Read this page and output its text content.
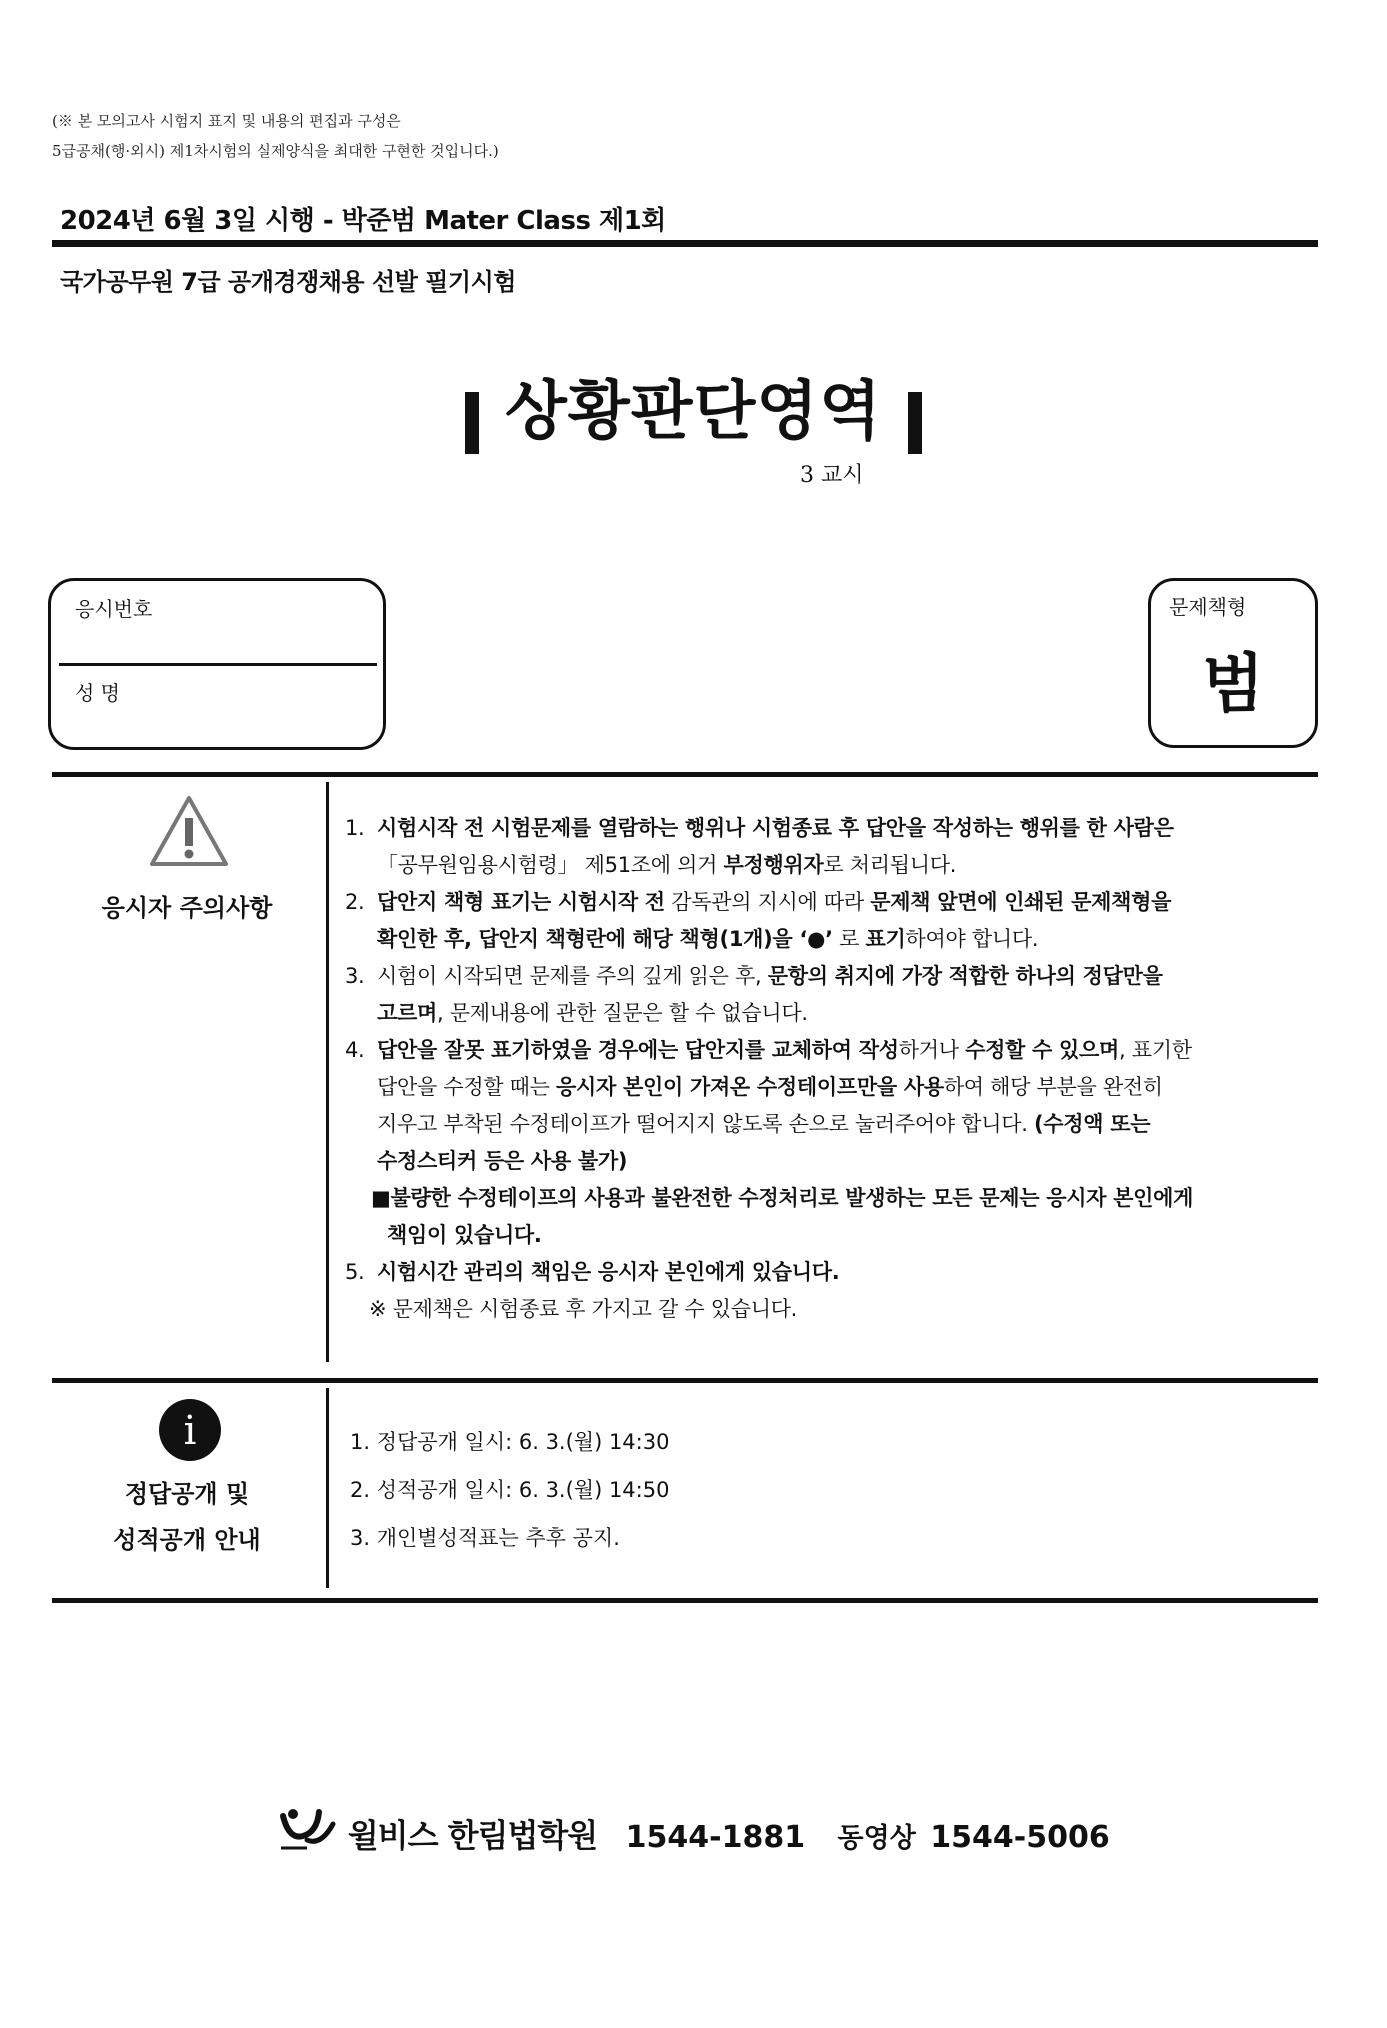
(※ 본 모의고사 시험지 표지 및 내용의 편집과 구성은
5급공채(행·외시) 제1차시험의 실제양식을 최대한 구현한 것입니다.)
2024년 6월 3일 시행 - 박준범 Mater Class 제1회
국가공무원 7급 공개경쟁채용 선발 필기시험
상황판단영역
3 교시
응시번호
성 명
문제책형
범
응시자 주의사항
1. 시험시작 전 시험문제를 열람하는 행위나 시험종료 후 답안을 작성하는 행위를 한 사람은
「공무원임용시험령」 제51조에 의거 부정행위자로 처리됩니다.
2. 답안지 책형 표기는 시험시작 전 감독관의 지시에 따라 문제책 앞면에 인쇄된 문제책형을
확인한 후, 답안지 책형란에 해당 책형(1개)을 ‘●’ 로 표기하여야 합니다.
3. 시험이 시작되면 문제를 주의 깊게 읽은 후, 문항의 취지에 가장 적합한 하나의 정답만을
고르며, 문제내용에 관한 질문은 할 수 없습니다.
4. 답안을 잘못 표기하였을 경우에는 답안지를 교체하여 작성하거나 수정할 수 있으며, 표기한
답안을 수정할 때는 응시자 본인이 가져온 수정테이프만을 사용하여 해당 부분을 완전히
지우고 부착된 수정테이프가 떨어지지 않도록 손으로 눌러주어야 합니다. (수정액 또는
수정스티커 등은 사용 불가)
■불량한 수정테이프의 사용과 불완전한 수정처리로 발생하는 모든 문제는 응시자 본인에게
책임이 있습니다.
5. 시험시간 관리의 책임은 응시자 본인에게 있습니다.
※ 문제책은 시험종료 후 가지고 갈 수 있습니다.
i
정답공개 및
성적공개 안내
1. 정답공개 일시: 6. 3.(월) 14:30
2. 성적공개 일시: 6. 3.(월) 14:50
3. 개인별성적표는 추후 공지.
윌비스 한림법학원 1544-1881 동영상 1544-5006
